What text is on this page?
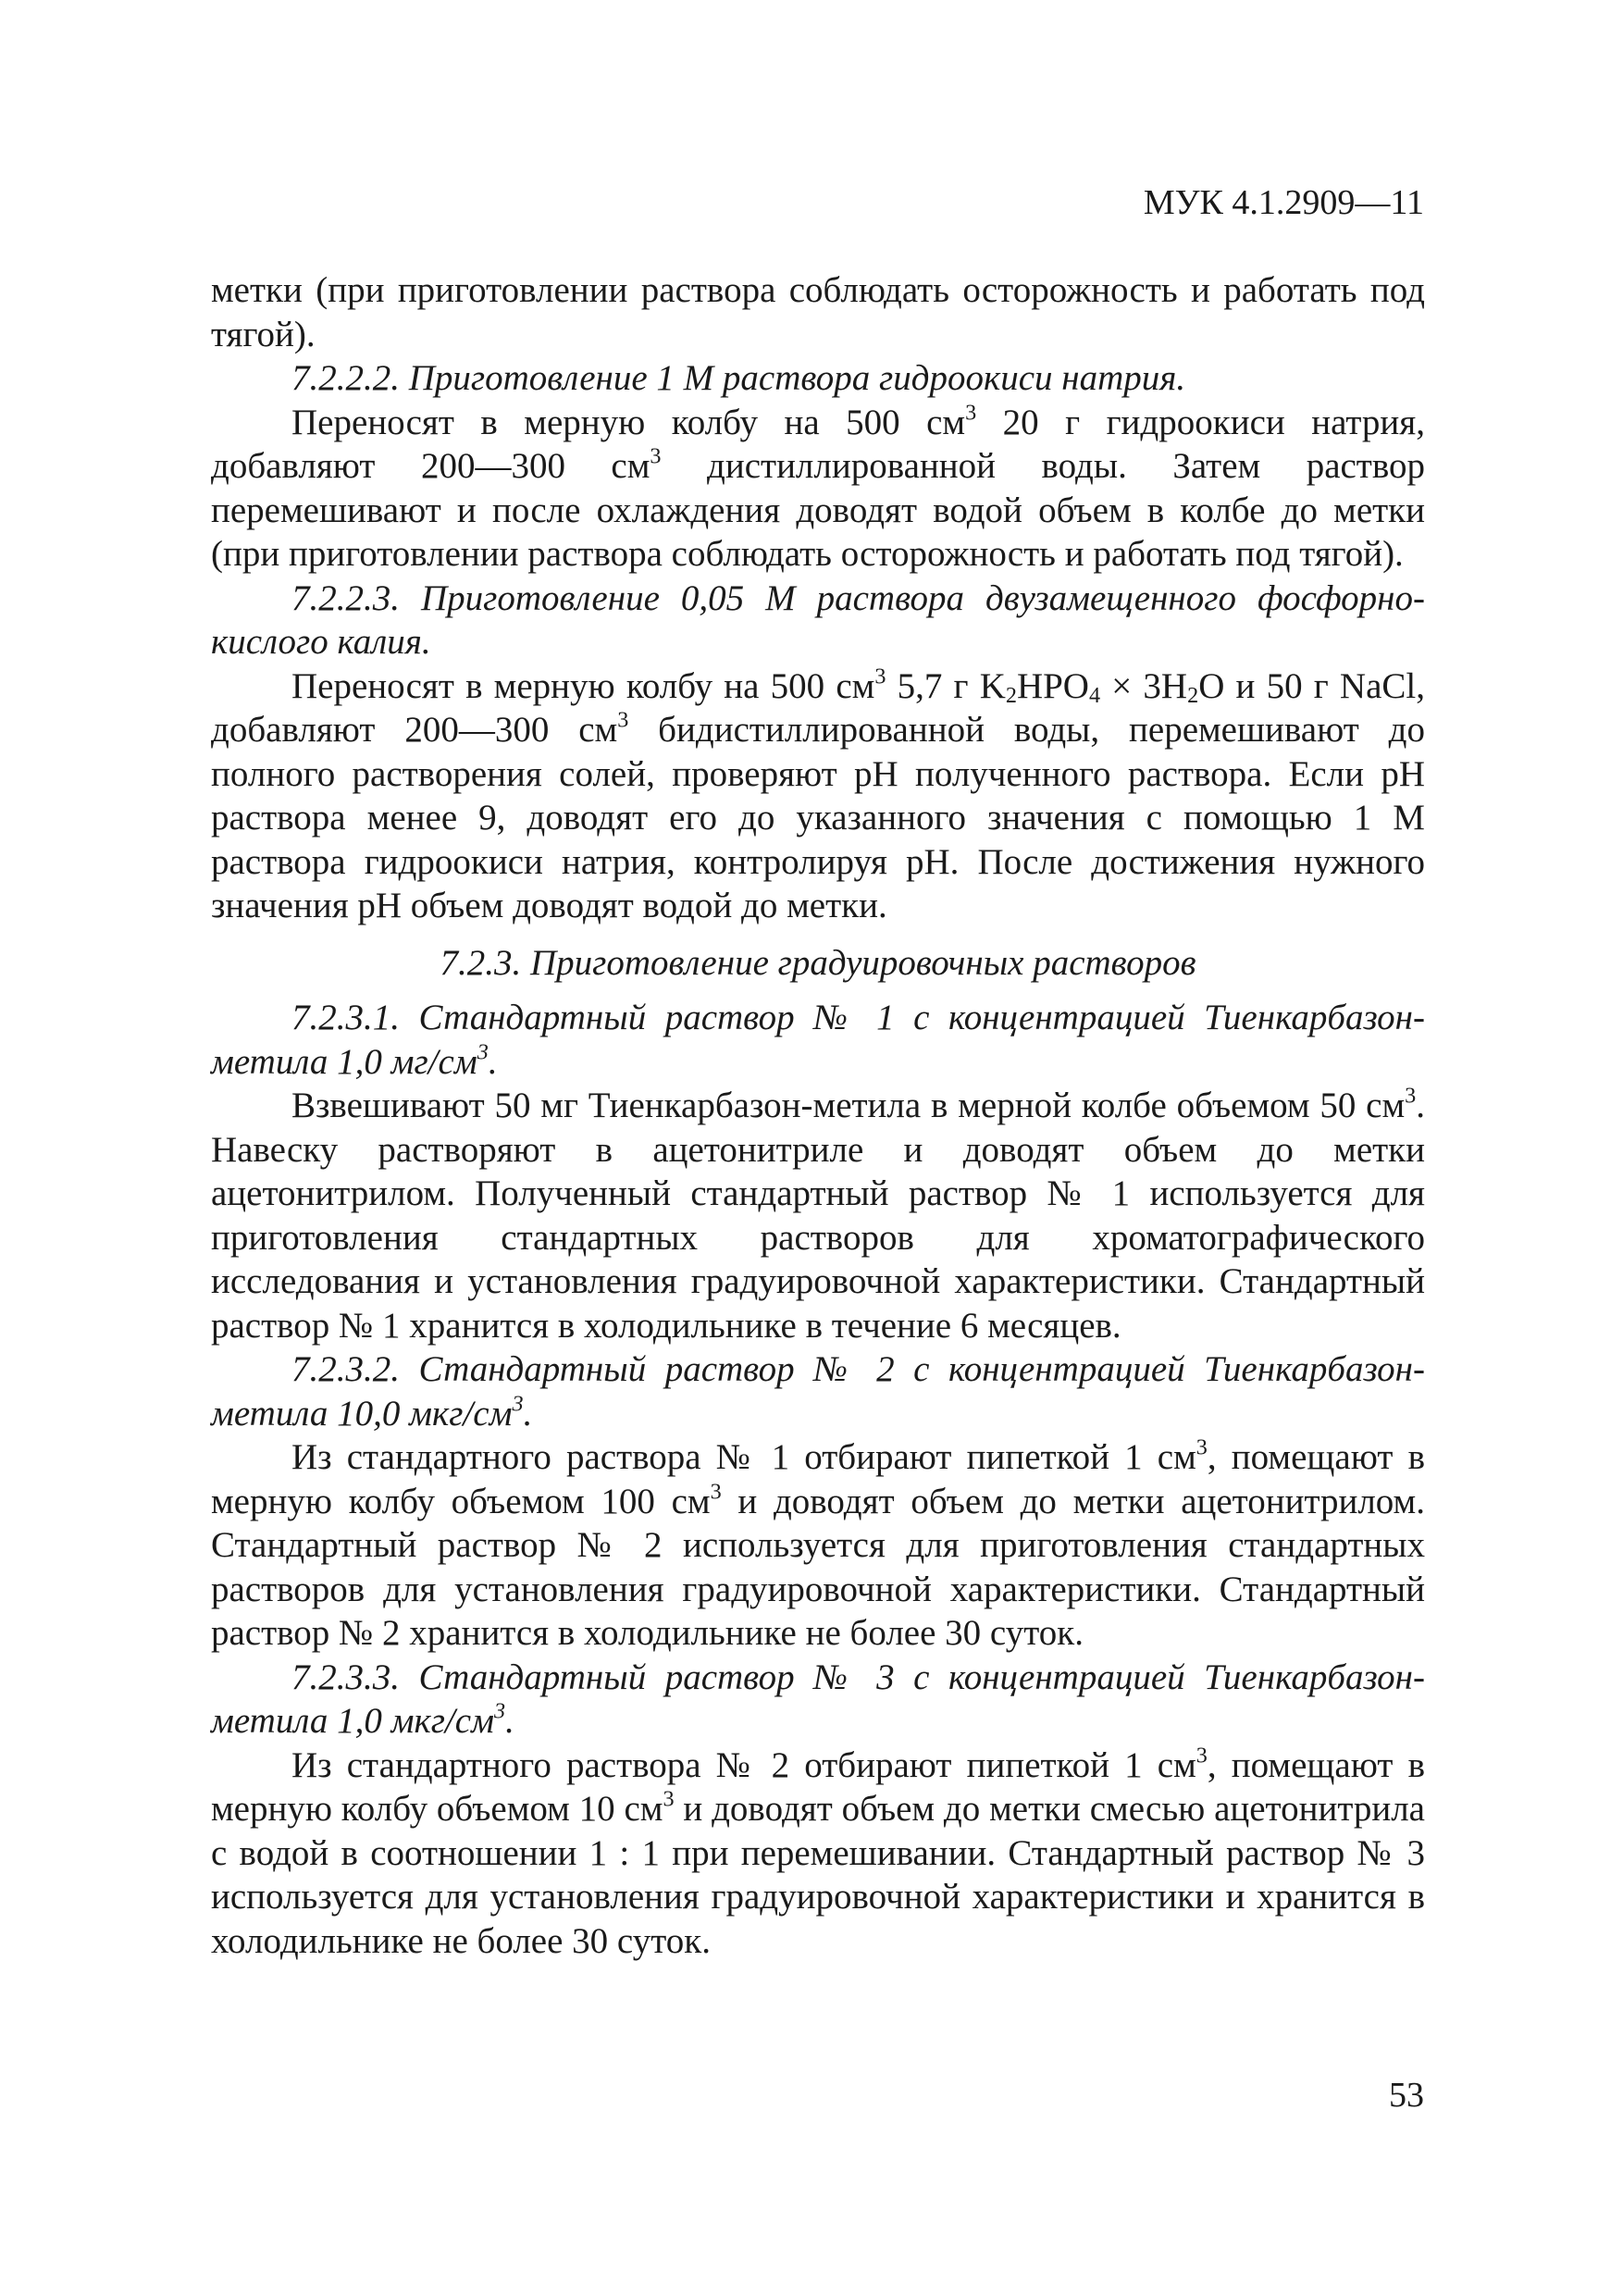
МУК 4.1.2909—11

метки (при приготовлении раствора соблюдать осторожность и работать под тягой).

7.2.2.2. Приготовление 1 М раствора гидроокиси натрия.

Переносят в мерную колбу на 500 $см^3$ 20 г гидроокиси натрия, добавляют 200—300 $см^3$ дистиллированной воды. Затем раствор перемешивают и после охлаждения доводят водой объем в колбе до метки (при приготовлении раствора соблюдать осторожность и работать под тягой).

7.2.2.3. Приготовление 0,05 М раствора двузамещенного фосфорно-кислого калия.

Переносят в мерную колбу на 500 $см^3$ 5,7 г $K_2HPO_4 \times 3H_2O$ и 50 г NaCl, добавляют 200—300 $см^3$ бидистиллированной воды, перемешивают до полного растворения солей, проверяют pH полученного раствора. Если pH раствора менее 9, доводят его до указанного значения с помощью 1 М раствора гидроокиси натрия, контролируя pH. После достижения нужного значения pH объем доводят водой до метки.

7.2.3. Приготовление градуировочных растворов

7.2.3.1. Стандартный раствор № 1 с концентрацией Тиенкарбазон-метила 1,0 $мг/см^3$.

Взвешивают 50 мг Тиенкарбазон-метила в мерной колбе объемом 50 $см^3$. Навеску растворяют в ацетонитриле и доводят объем до метки ацетонитрилом. Полученный стандартный раствор № 1 используется для приготовления стандартных растворов для хроматографического исследования и установления градуировочной характеристики. Стандартный раствор № 1 хранится в холодильнике в течение 6 месяцев.

7.2.3.2. Стандартный раствор № 2 с концентрацией Тиенкарбазон-метила 10,0 мкг/$см^3$.

Из стандартного раствора № 1 отбирают пипеткой 1 $см^3$, помещают в мерную колбу объемом 100 $см^3$ и доводят объем до метки ацетонитрилом. Стандартный раствор № 2 используется для приготовления стандартных растворов для установления градуировочной характеристики. Стандартный раствор № 2 хранится в холодильнике не более 30 суток.

7.2.3.3. Стандартный раствор № 3 с концентрацией Тиенкарбазон-метила 1,0 мкг/$см^3$.

Из стандартного раствора № 2 отбирают пипеткой 1 $см^3$, помещают в мерную колбу объемом 10 $см^3$ и доводят объем до метки смесью ацетонитрила с водой в соотношении 1 : 1 при перемешивании. Стандартный раствор № 3 используется для установления градуировочной характеристики и хранится в холодильнике не более 30 суток.

53
